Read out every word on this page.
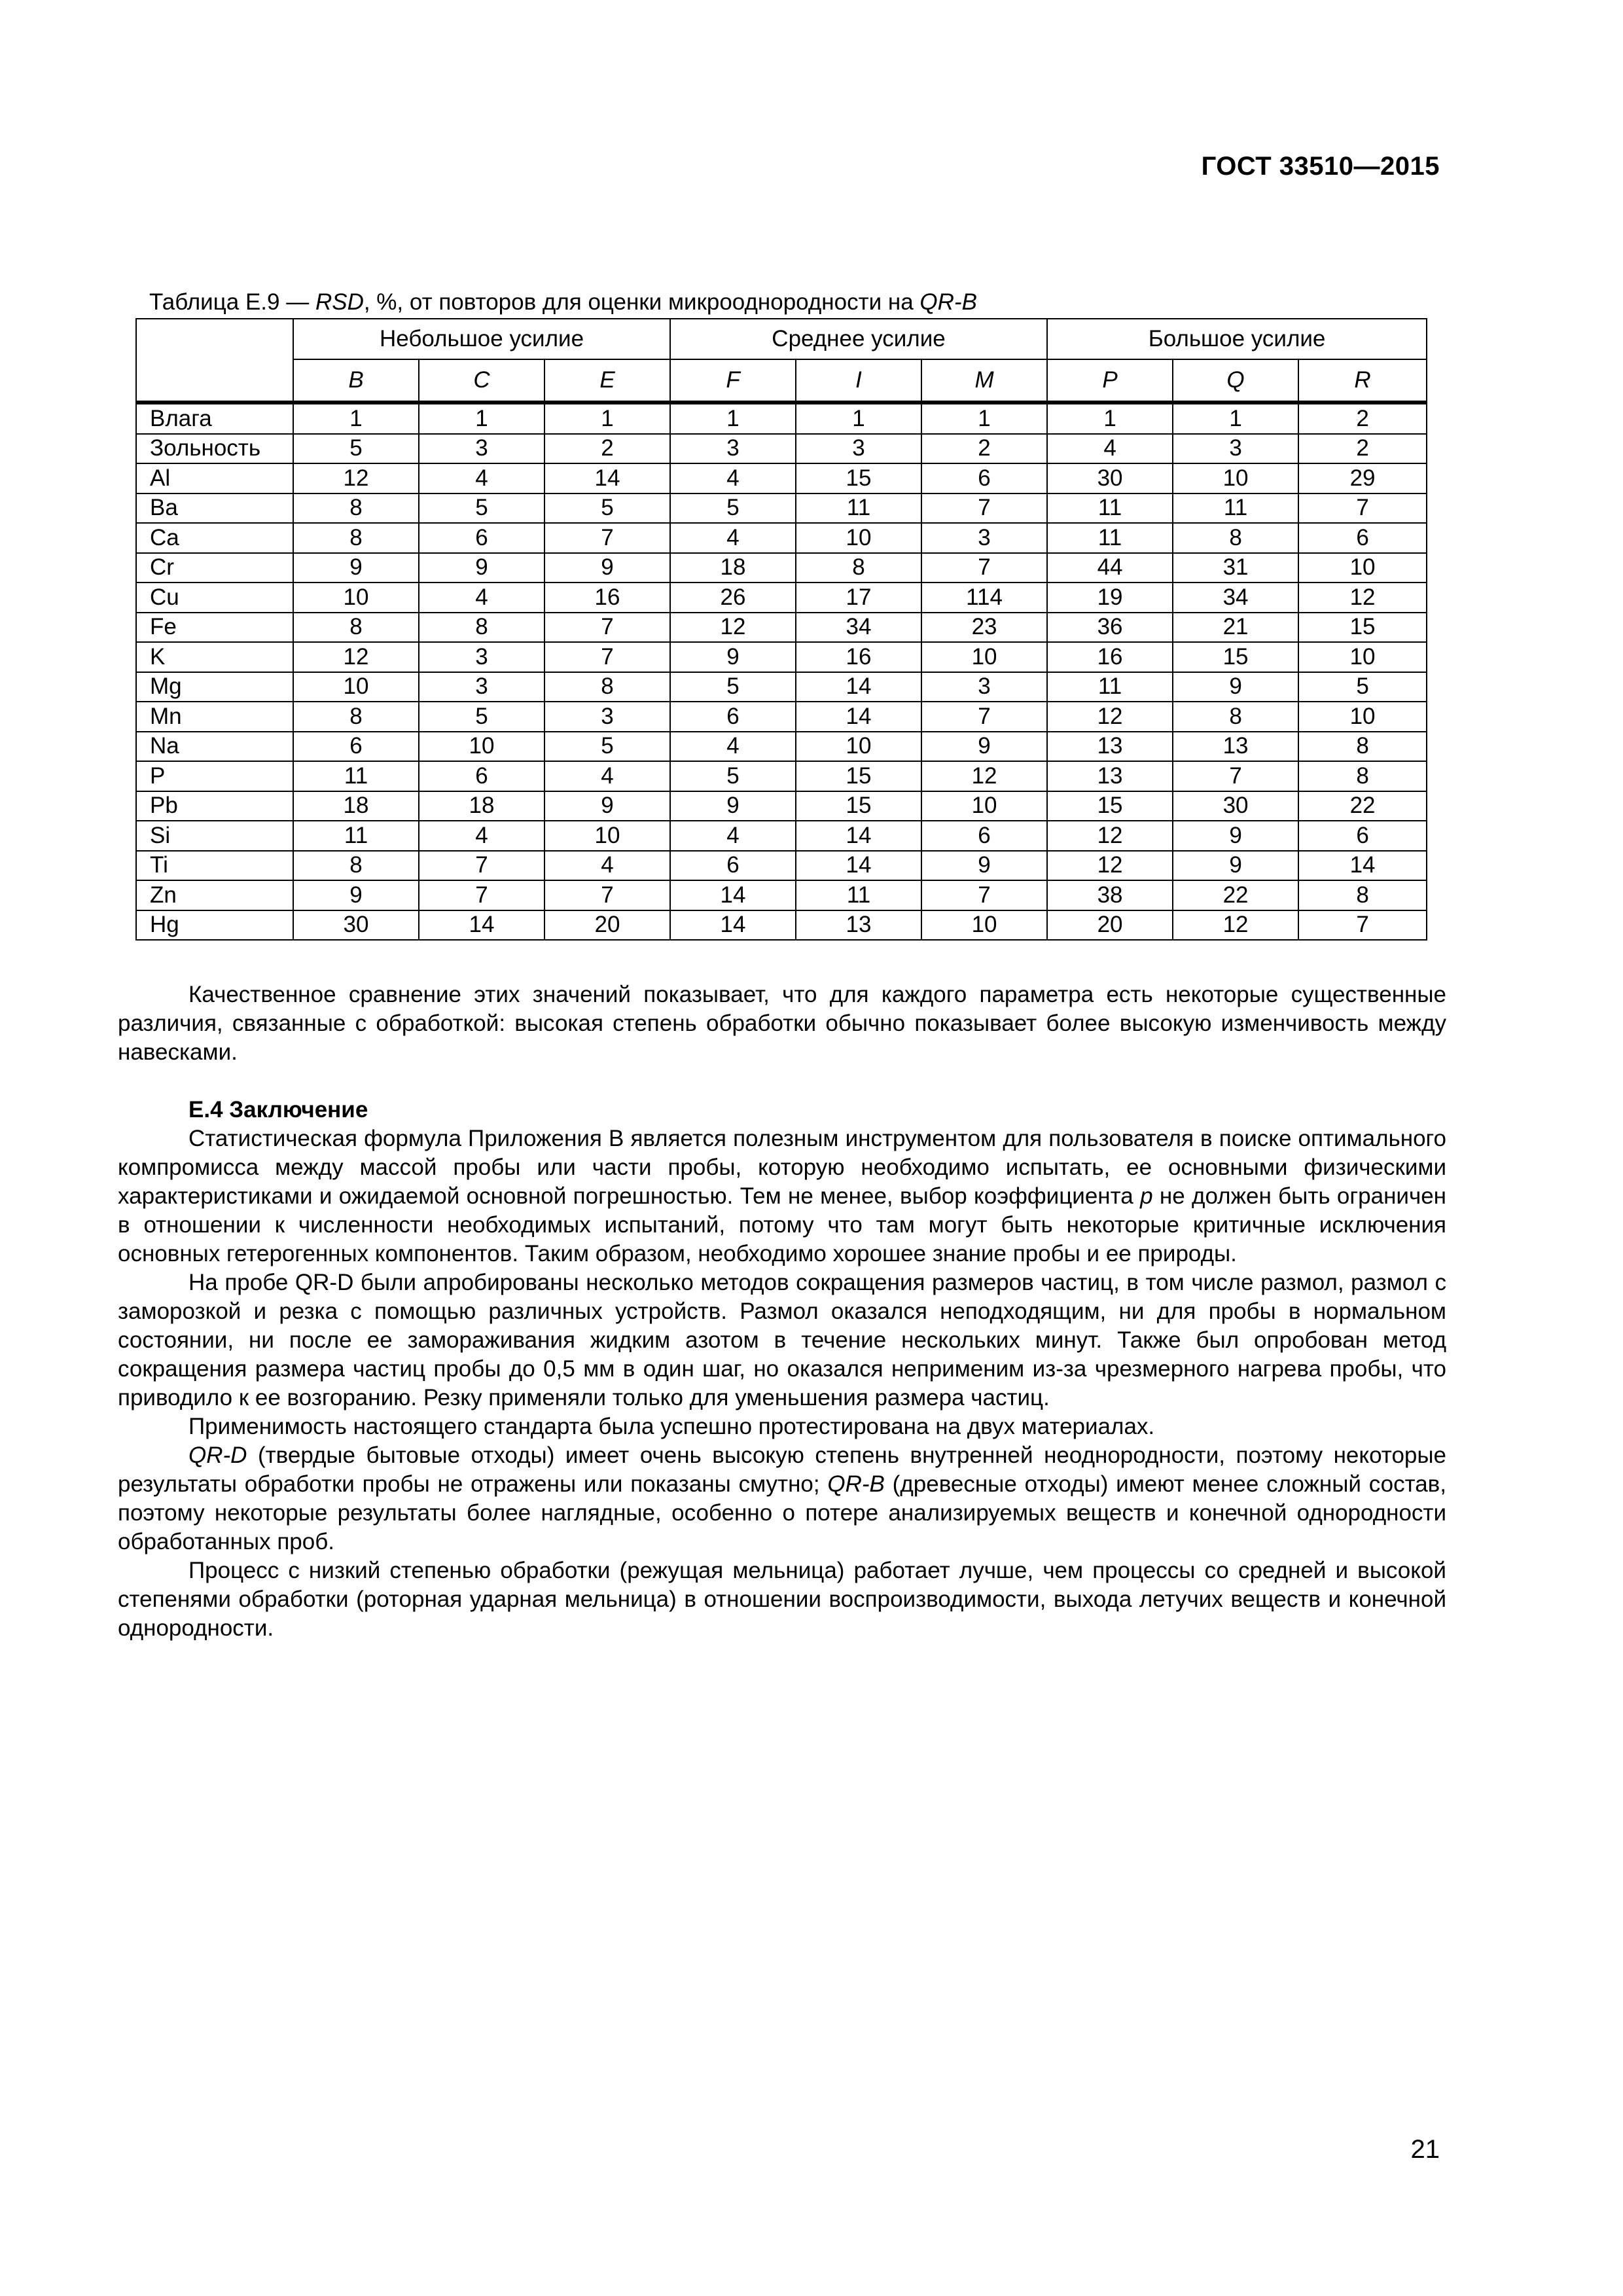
ГОСТ 33510—2015
Таблица Е.9 — RSD, %, от повторов для оценки микрооднородности на QR-B
	Небольшое усилие			Среднее усилие			Большое усилие		
	B	C	E	F	I	M	P	Q	R
Влага	1	1	1	1	1	1	1	1	2
Зольность	5	3	2	3	3	2	4	3	2
Al	12	4	14	4	15	6	30	10	29
Ba	8	5	5	5	11	7	11	11	7
Ca	8	6	7	4	10	3	11	8	6
Cr	9	9	9	18	8	7	44	31	10
Cu	10	4	16	26	17	114	19	34	12
Fe	8	8	7	12	34	23	36	21	15
K	12	3	7	9	16	10	16	15	10
Mg	10	3	8	5	14	3	11	9	5
Mn	8	5	3	6	14	7	12	8	10
Na	6	10	5	4	10	9	13	13	8
P	11	6	4	5	15	12	13	7	8
Pb	18	18	9	9	15	10	15	30	22
Si	11	4	10	4	14	6	12	9	6
Ti	8	7	4	6	14	9	12	9	14
Zn	9	7	7	14	11	7	38	22	8
Hg	30	14	20	14	13	10	20	12	7

Качественное сравнение этих значений показывает, что для каждого параметра есть некоторые существенные различия, связанные с обработкой: высокая степень обработки обычно показывает более высокую изменчивость между навесками.

Е.4 Заключение

Статистическая формула Приложения В является полезным инструментом для пользователя в поиске оптимального компромисса между массой пробы или части пробы, которую необходимо испытать, ее основными физическими характеристиками и ожидаемой основной погрешностью. Тем не менее, выбор коэффициента p не должен быть ограничен в отношении к численности необходимых испытаний, потому что там могут быть некоторые критичные исключения основных гетерогенных компонентов. Таким образом, необходимо хорошее знание пробы и ее природы.

На пробе QR-D были апробированы несколько методов сокращения размеров частиц, в том числе размол, размол с заморозкой и резка с помощью различных устройств. Размол оказался неподходящим, ни для пробы в нормальном состоянии, ни после ее замораживания жидким азотом в течение нескольких минут. Также был опробован метод сокращения размера частиц пробы до 0,5 мм в один шаг, но оказался неприменим из-за чрезмерного нагрева пробы, что приводило к ее возгоранию. Резку применяли только для уменьшения размера частиц.

Применимость настоящего стандарта была успешно протестирована на двух материалах.

QR-D (твердые бытовые отходы) имеет очень высокую степень внутренней неоднородности, поэтому некоторые результаты обработки пробы не отражены или показаны смутно; QR-B (древесные отходы) имеют менее сложный состав, поэтому некоторые результаты более наглядные, особенно о потере анализируемых веществ и конечной однородности обработанных проб.

Процесс с низкий степенью обработки (режущая мельница) работает лучше, чем процессы со средней и высокой степенями обработки (роторная ударная мельница) в отношении воспроизводимости, выхода летучих веществ и конечной однородности.

21
